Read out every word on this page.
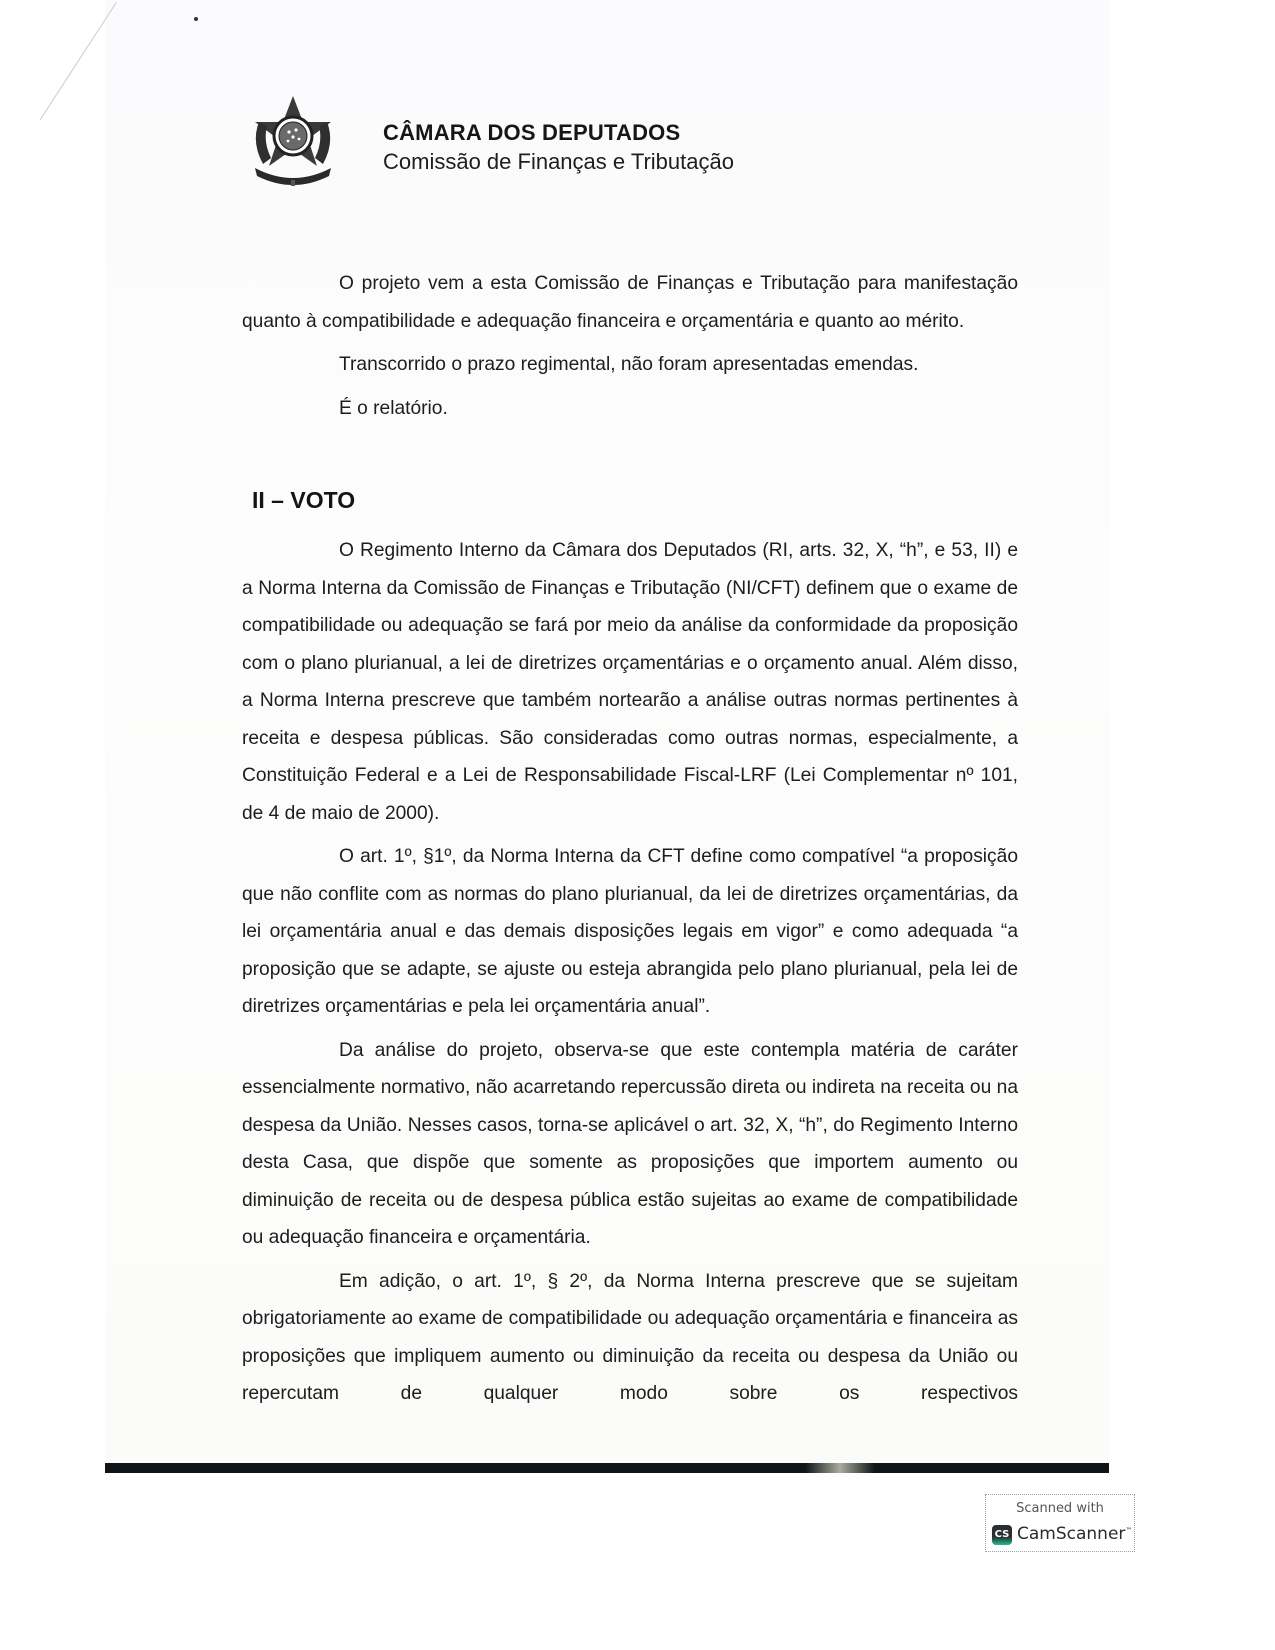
CÂMARA DOS DEPUTADOS
Comissão de Finanças e Tributação

O projeto vem a esta Comissão de Finanças e Tributação para manifestação quanto à compatibilidade e adequação financeira e orçamentária e quanto ao mérito.

Transcorrido o prazo regimental, não foram apresentadas emendas.

É o relatório.

II – VOTO

O Regimento Interno da Câmara dos Deputados (RI, arts. 32, X, “h”, e 53, II) e a Norma Interna da Comissão de Finanças e Tributação (NI/CFT) definem que o exame de compatibilidade ou adequação se fará por meio da análise da conformidade da proposição com o plano plurianual, a lei de diretrizes orçamentárias e o orçamento anual. Além disso, a Norma Interna prescreve que também nortearão a análise outras normas pertinentes à receita e despesa públicas. São consideradas como outras normas, especialmente, a Constituição Federal e a Lei de Responsabilidade Fiscal-LRF (Lei Complementar nº 101, de 4 de maio de 2000).

O art. 1º, §1º, da Norma Interna da CFT define como compatível “a proposição que não conflite com as normas do plano plurianual, da lei de diretrizes orçamentárias, da lei orçamentária anual e das demais disposições legais em vigor” e como adequada “a proposição que se adapte, se ajuste ou esteja abrangida pelo plano plurianual, pela lei de diretrizes orçamentárias e pela lei orçamentária anual”.

Da análise do projeto, observa-se que este contempla matéria de caráter essencialmente normativo, não acarretando repercussão direta ou indireta na receita ou na despesa da União. Nesses casos, torna-se aplicável o art. 32, X, “h”, do Regimento Interno desta Casa, que dispõe que somente as proposições que importem aumento ou diminuição de receita ou de despesa pública estão sujeitas ao exame de compatibilidade ou adequação financeira e orçamentária.

Em adição, o art. 1º, § 2º, da Norma Interna prescreve que se sujeitam obrigatoriamente ao exame de compatibilidade ou adequação orçamentária e financeira as proposições que impliquem aumento ou diminuição da receita ou despesa da União ou repercutam de qualquer modo sobre os respectivos

Scanned with
CS CamScanner™
